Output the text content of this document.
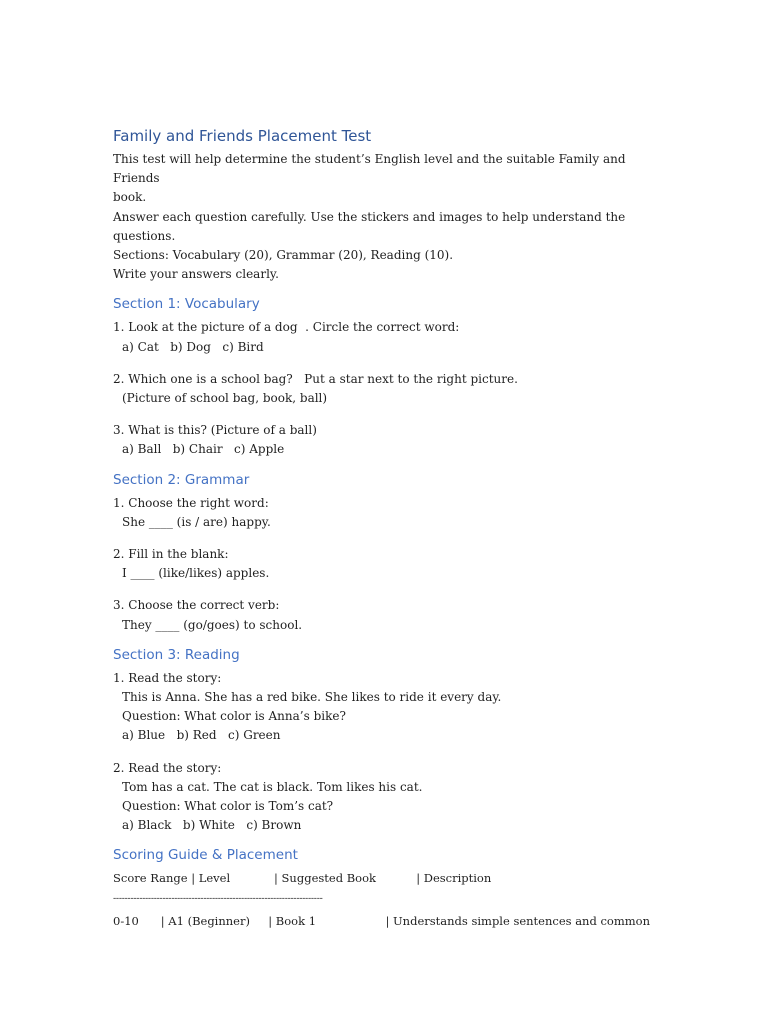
Family and Friends Placement Test

This test will help determine the student’s English level and the suitable Family and Friends

book.

Answer each question carefully. Use the stickers and images to help understand the

questions.

Sections: Vocabulary (20), Grammar (20), Reading (10).

Write your answers clearly.

Section 1: Vocabulary

1. Look at the picture of a dog  . Circle the correct word:

a) Cat   b) Dog   c) Bird

2. Which one is a school bag?   Put a star next to the right picture.

(Picture of school bag, book, ball)

3. What is this? (Picture of a ball)

a) Ball   b) Chair   c) Apple

Section 2: Grammar

1. Choose the right word:

She ____ (is / are) happy.

2. Fill in the blank:

I ____ (like/likes) apples.

3. Choose the correct verb:

They ____ (go/goes) to school.

Section 3: Reading

1. Read the story:

This is Anna. She has a red bike. She likes to ride it every day.

Question: What color is Anna’s bike?

a) Blue   b) Red   c) Green

2. Read the story:

Tom has a cat. The cat is black. Tom likes his cat.

Question: What color is Tom’s cat?

a) Black   b) White   c) Brown

Scoring Guide & Placement

Score Range | Level            | Suggested Book           | Description

------------------------------------------------------------------------

0-10      | A1 (Beginner)     | Book 1                   | Understands simple sentences and common
